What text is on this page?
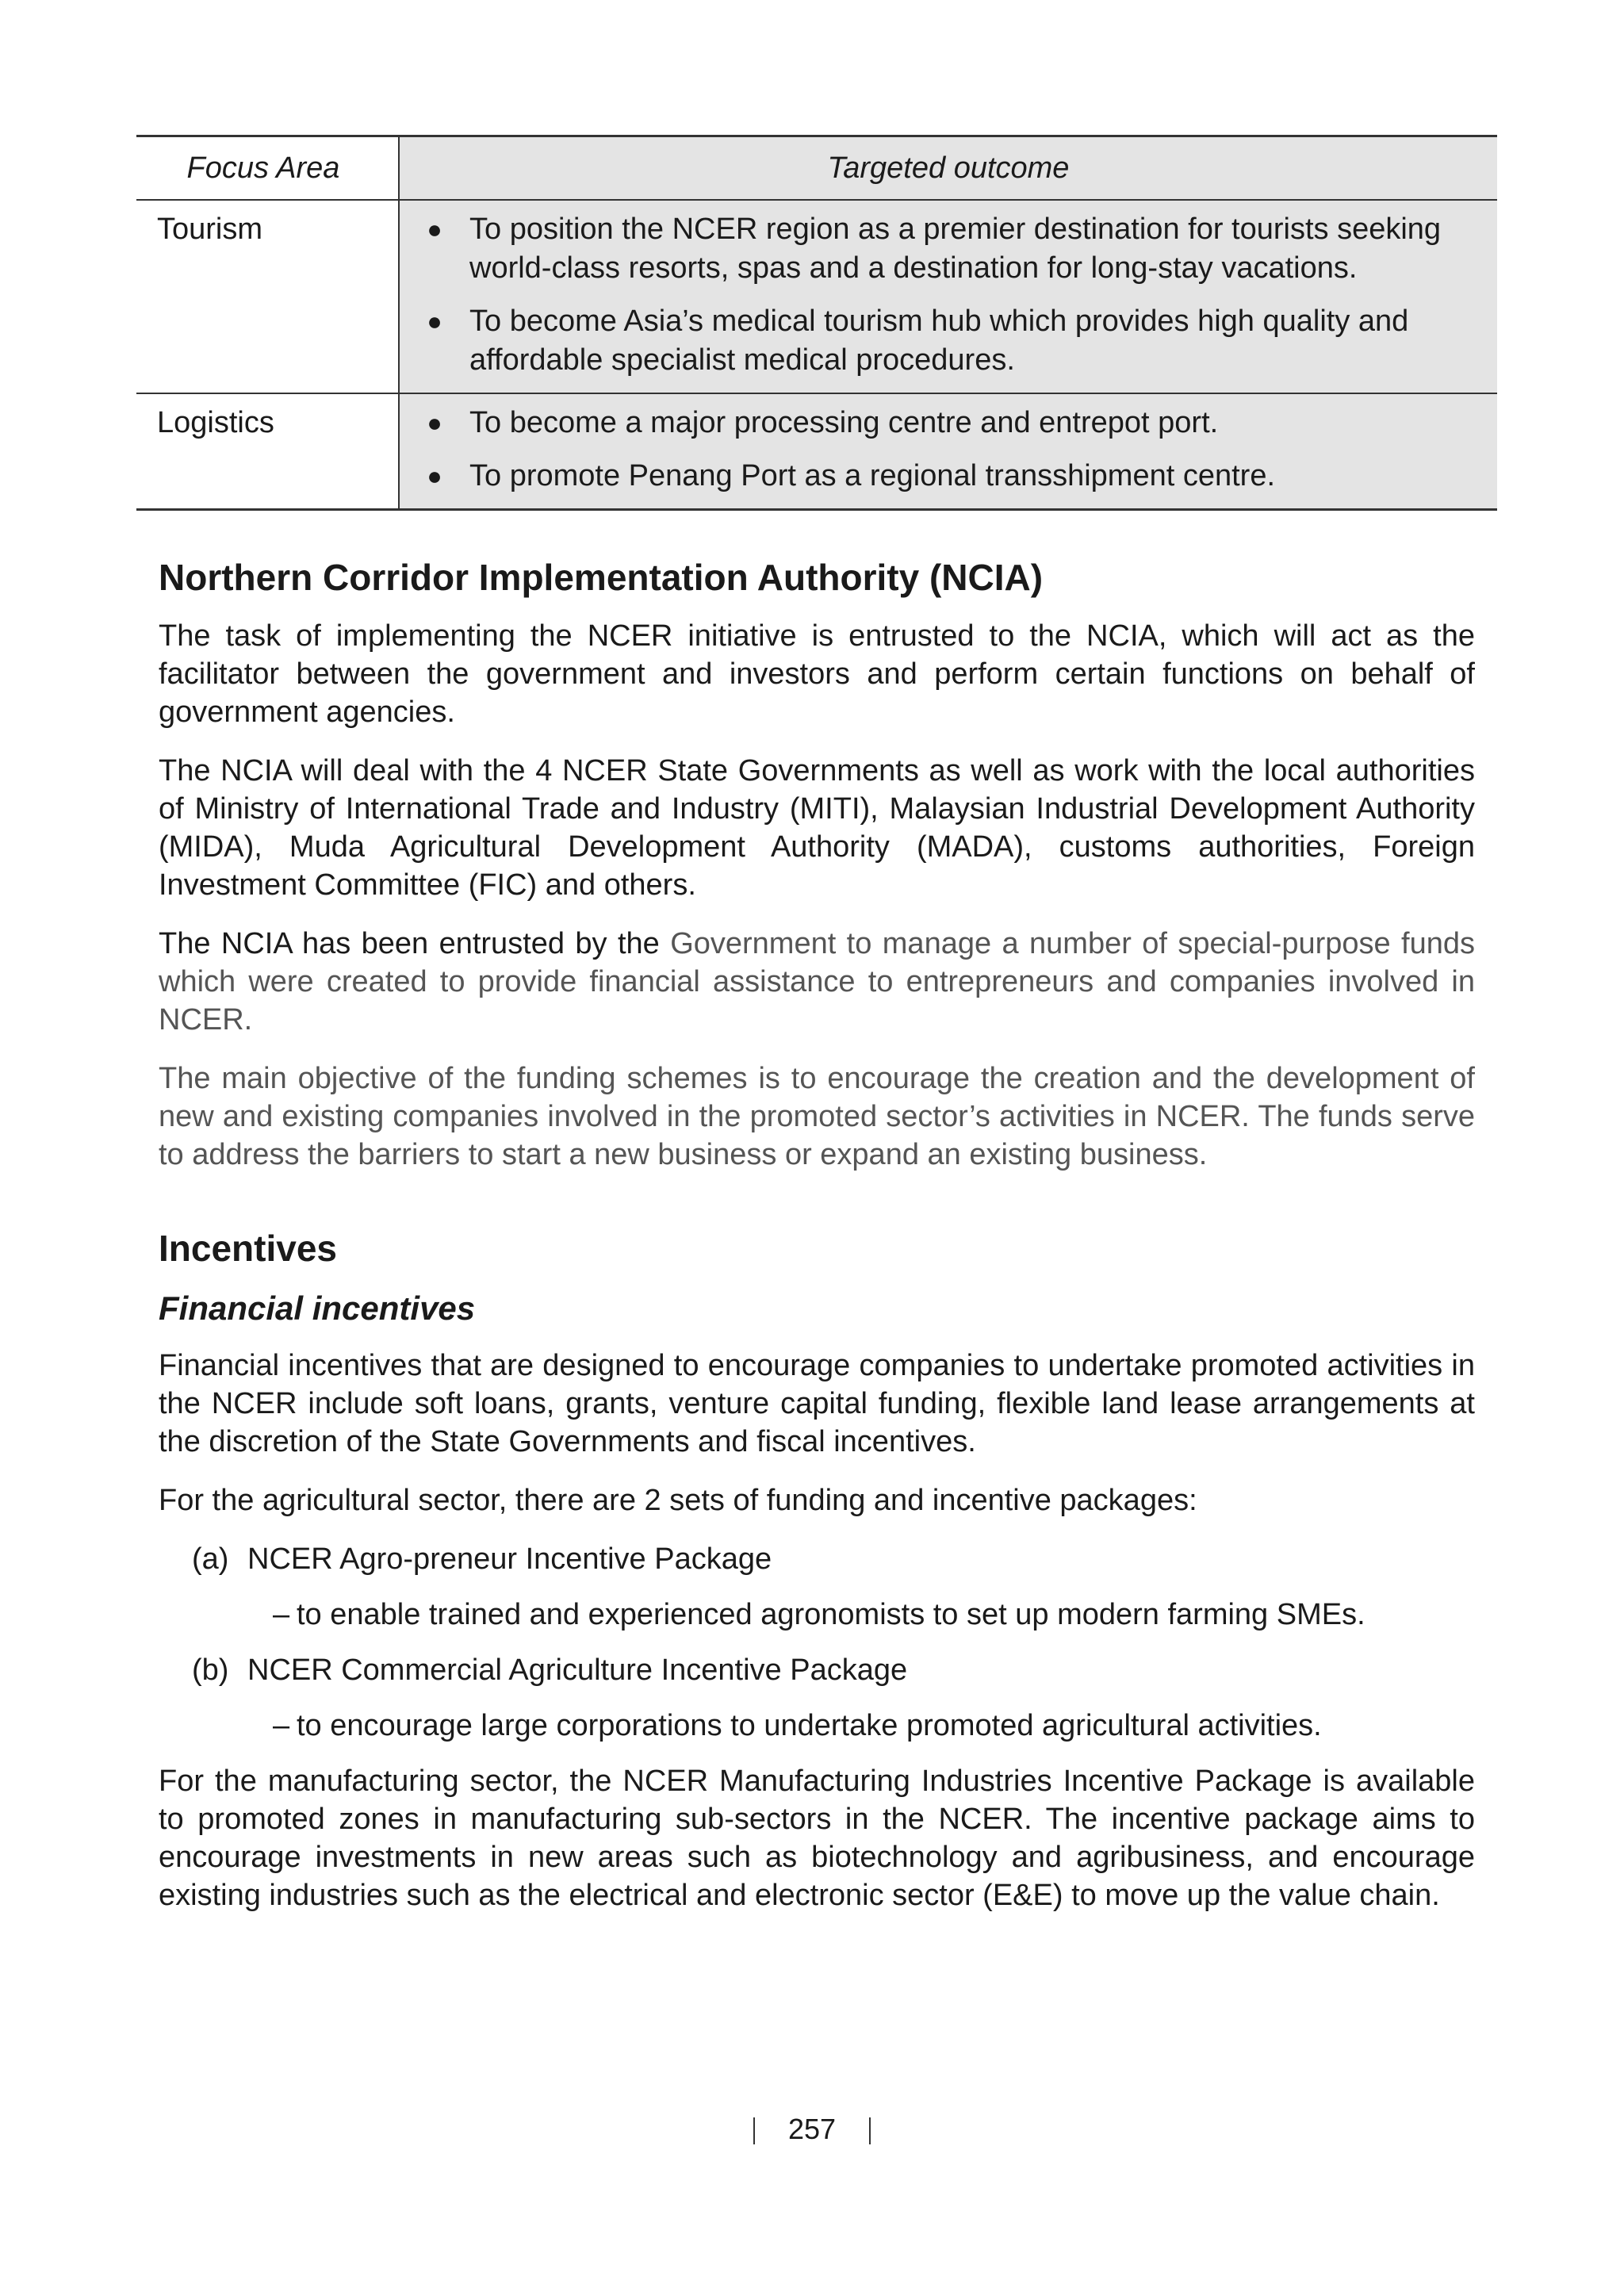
Focus Area	Targeted outcome
Tourism	● To position the NCER region as a premier destination for tourists seeking world-class resorts, spas and a destination for long-stay vacations.
● To become Asia’s medical tourism hub which provides high quality and affordable specialist medical procedures.

Logistics	● To become a major processing centre and entrepot port.
● To promote Penang Port as a regional transshipment centre.
Northern Corridor Implementation Authority (NCIA)

The task of implementing the NCER initiative is entrusted to the NCIA, which will act as the facilitator between the government and investors and perform certain functions on behalf of government agencies.

The NCIA will deal with the 4 NCER State Governments as well as work with the local authorities of Ministry of International Trade and Industry (MITI), Malaysian Industrial Development Authority (MIDA), Muda Agricultural Development Authority (MADA), customs authorities, Foreign Investment Committee (FIC) and others.

The NCIA has been entrusted by the Government to manage a number of special-purpose funds which were created to provide financial assistance to entrepreneurs and companies involved in NCER.

The main objective of the funding schemes is to encourage the creation and the development of new and existing companies involved in the promoted sector’s activities in NCER. The funds serve to address the barriers to start a new business or expand an existing business.

Incentives
Financial incentives

Financial incentives that are designed to encourage companies to undertake promoted activities in the NCER include soft loans, grants, venture capital funding, flexible land lease arrangements at the discretion of the State Governments and fiscal incentives.

For the agricultural sector, there are 2 sets of funding and incentive packages:

(a) NCER Agro-preneur Incentive Package
– to enable trained and experienced agronomists to set up modern farming SMEs.
(b) NCER Commercial Agriculture Incentive Package
– to encourage large corporations to undertake promoted agricultural activities.

For the manufacturing sector, the NCER Manufacturing Industries Incentive Package is available to promoted zones in manufacturing sub-sectors in the NCER. The incentive package aims to encourage investments in new areas such as biotechnology and agribusiness, and encourage existing industries such as the electrical and electronic sector (E&E) to move up the value chain.

257
